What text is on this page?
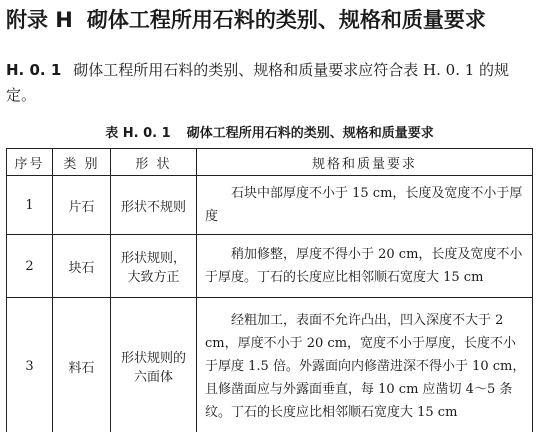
附录 H 砌体工程所用石料的类别、规格和质量要求
H. 0. 1 砌体工程所用石料的类别、规格和质量要求应符合表 H. 0. 1 的规定。
表 H. 0. 1 砌体工程所用石料的类别、规格和质量要求
序号	类 别	形 状	规格和质量要求
1	片石	形状不规则	石块中部厚度不小于 15 cm，长度及宽度不小于厚度

2	块石	形状规则，大致方正	稍加修整，厚度不得小于 20 cm，长度及宽度不小于厚度。丁石的长度应比相邻顺石宽度大 15 cm

3	料石	形状规则的六面体	经粗加工，表面不允许凸出，凹入深度不大于 2 cm，厚度不小于 20 cm，宽度不小于厚度，长度不小于厚度 1.5 倍。外露面向内修凿进深不得小于 10 cm，且修凿面应与外露面垂直，每 10 cm 应凿切 4～5 条纹。丁石的长度应比相邻顺石宽度大 15 cm
